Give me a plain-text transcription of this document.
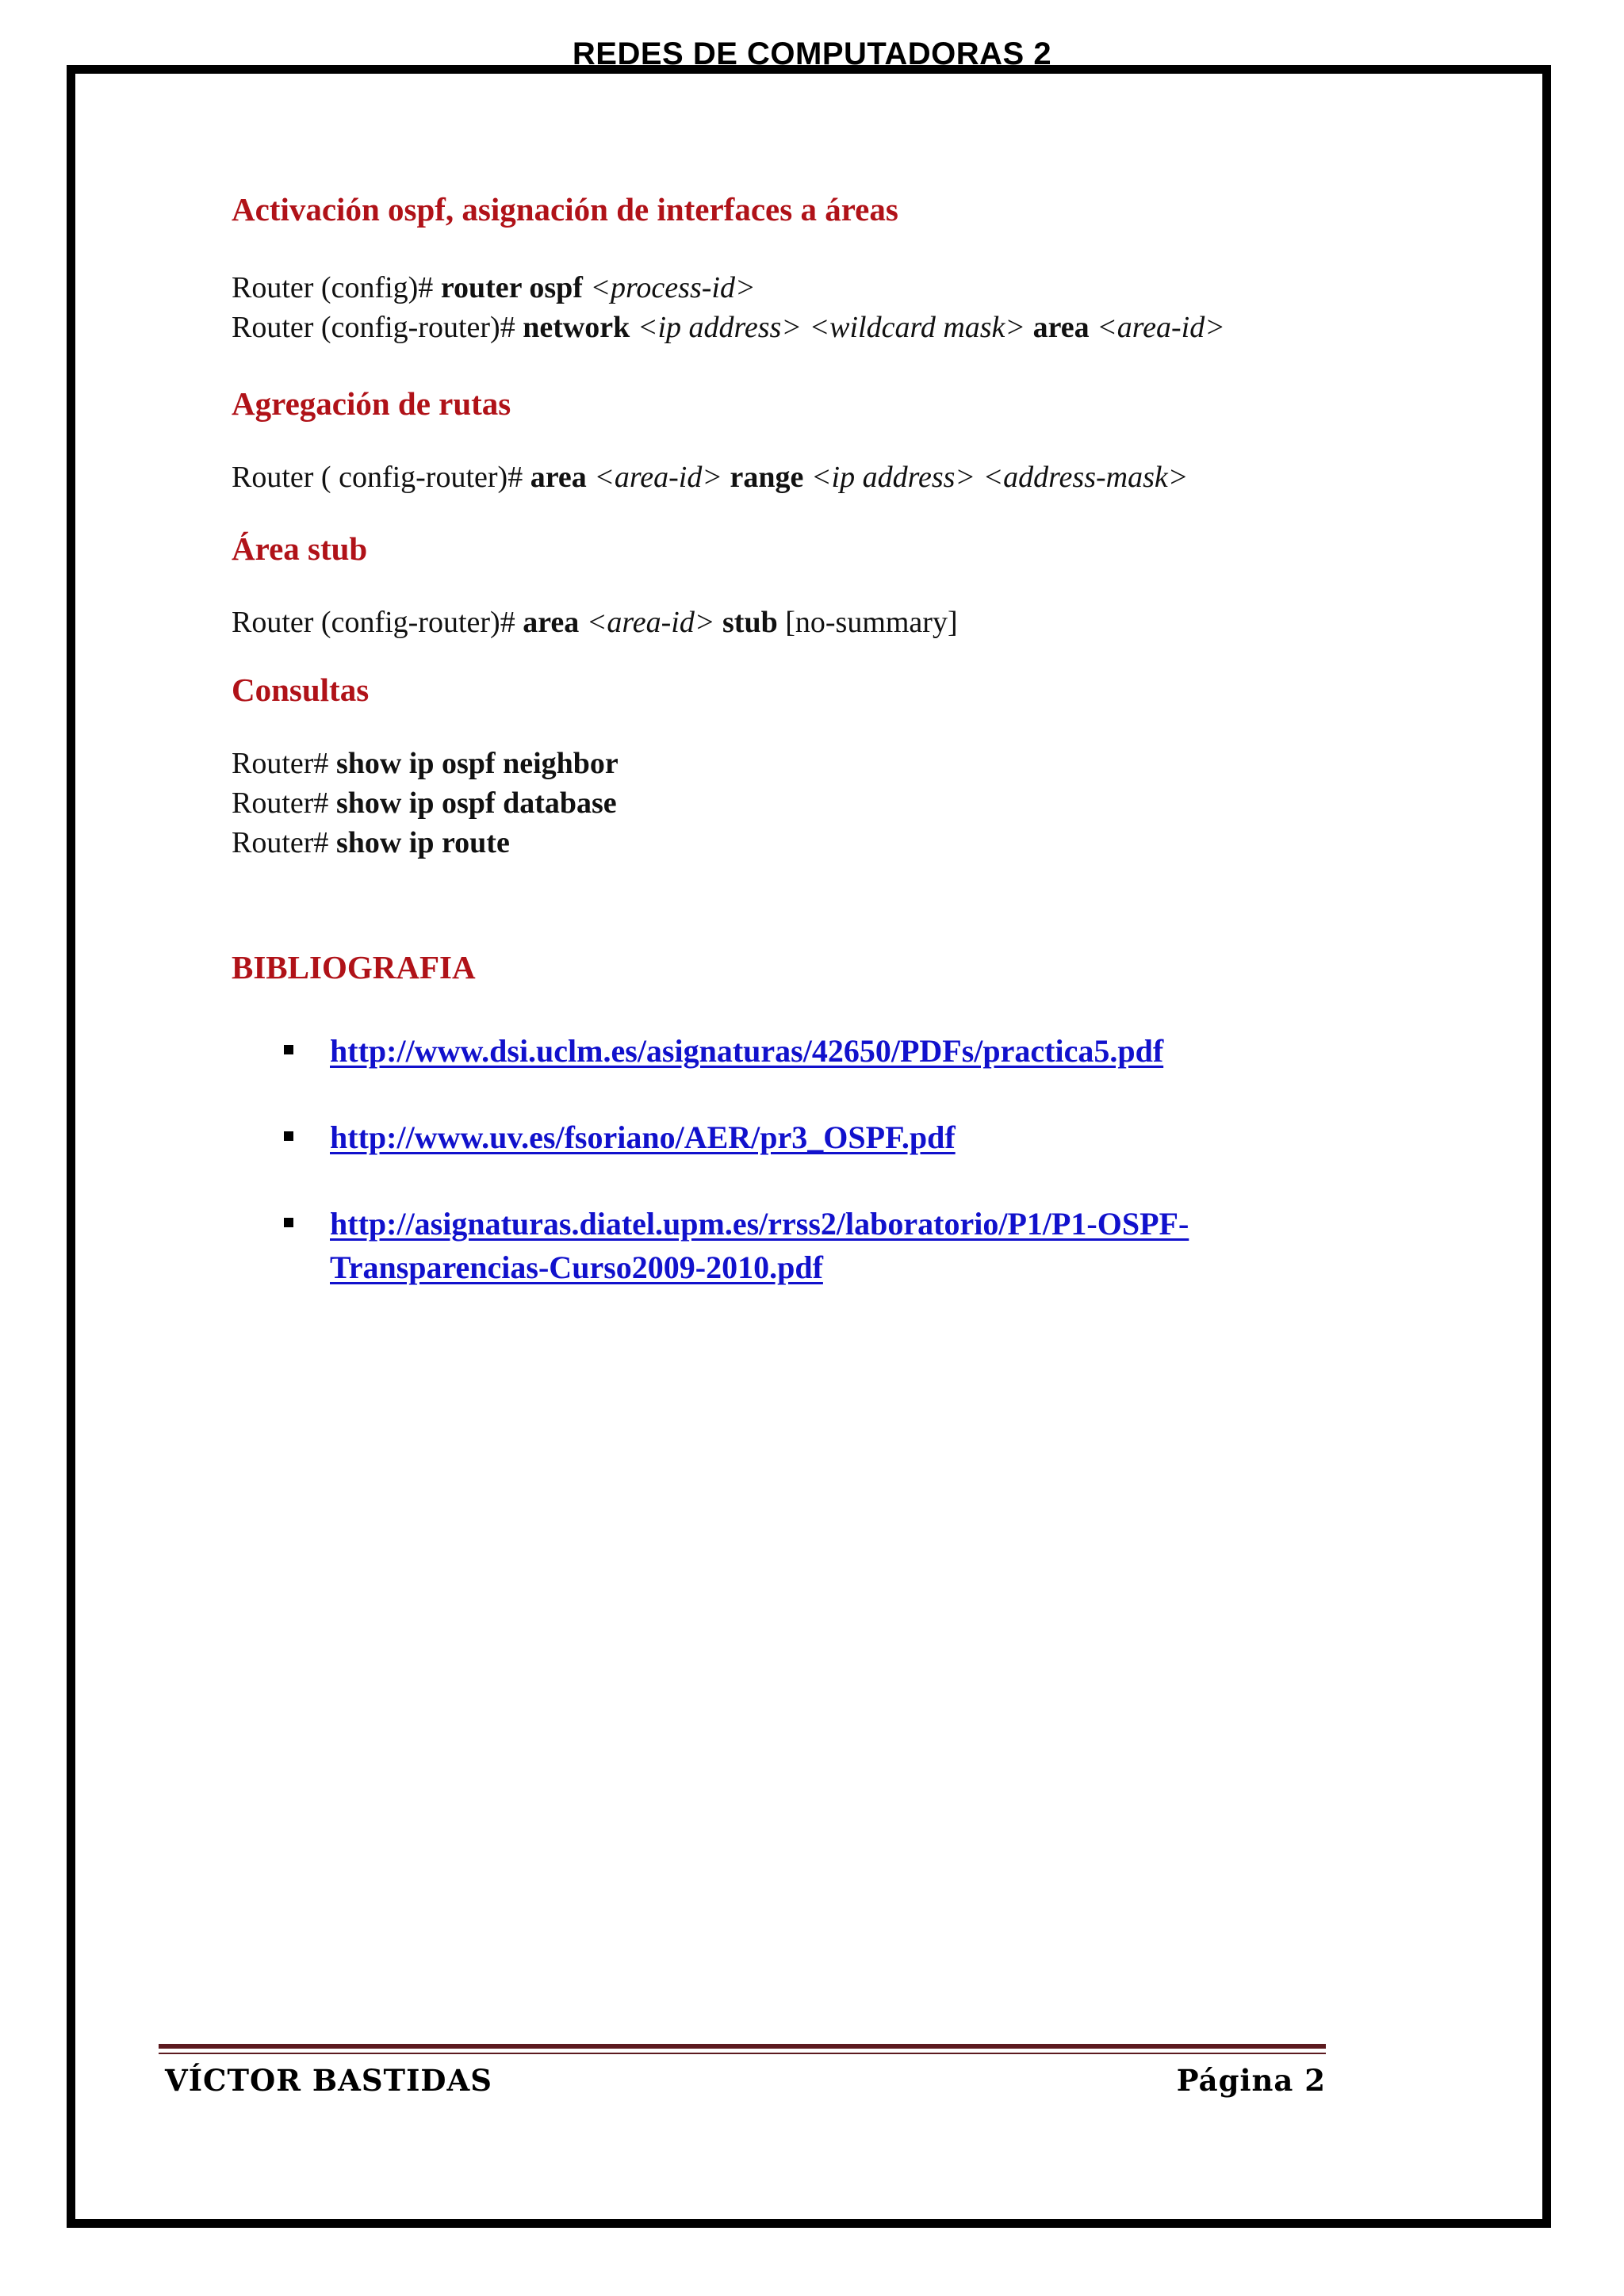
REDES DE COMPUTADORAS 2
Activación ospf, asignación de interfaces a áreas

Router (config)# router ospf <process-id>

Router (config-router)# network <ip address> <wildcard mask> area <area-id>

Agregación de rutas

Router ( config-router)# area <area-id> range <ip address> <address-mask>

Área stub

Router (config-router)# area <area-id> stub [no-summary]

Consultas

Router# show ip ospf neighbor

Router# show ip ospf database

Router# show ip route

BIBLIOGRAFIA
http://www.dsi.uclm.es/asignaturas/42650/PDFs/practica5.pdf
http://www.uv.es/fsoriano/AER/pr3_OSPF.pdf
http://asignaturas.diatel.upm.es/rrss2/laboratorio/P1/P1-OSPF-
Transparencias-Curso2009-2010.pdf
VÍCTOR BASTIDAS	Página 2
